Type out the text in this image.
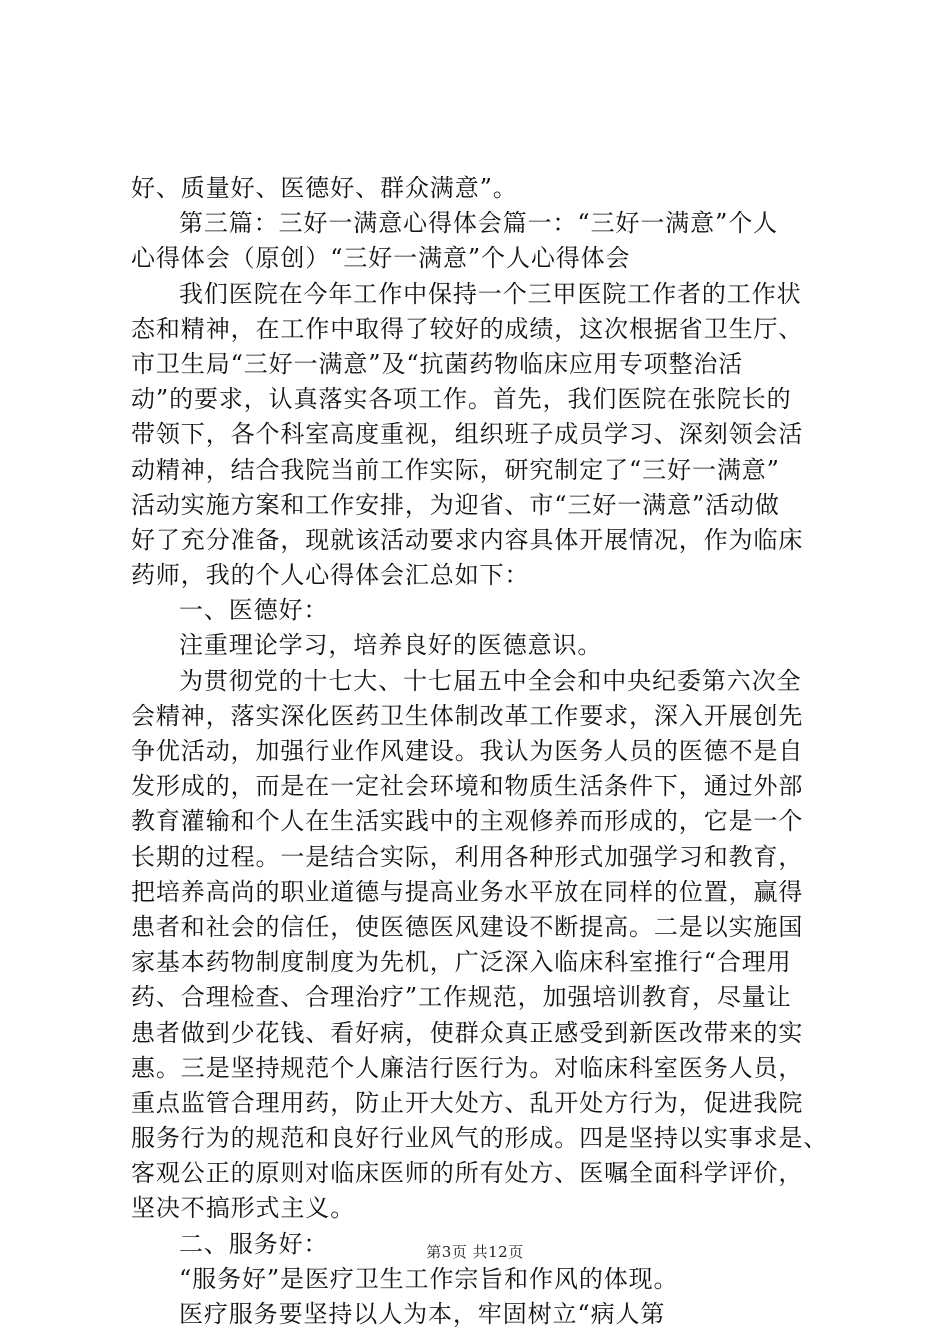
好、质量好、医德好、群众满意”。
第三篇：三好一满意心得体会篇一：“三好一满意”个人
心得体会（原创）“三好一满意”个人心得体会
我们医院在今年工作中保持一个三甲医院工作者的工作状
态和精神，在工作中取得了较好的成绩，这次根据省卫生厅、
市卫生局“三好一满意”及“抗菌药物临床应用专项整治活
动”的要求，认真落实各项工作。首先，我们医院在张院长的
带领下，各个科室高度重视，组织班子成员学习、深刻领会活
动精神，结合我院当前工作实际，研究制定了“三好一满意”
活动实施方案和工作安排，为迎省、市“三好一满意”活动做
好了充分准备，现就该活动要求内容具体开展情况，作为临床
药师，我的个人心得体会汇总如下：
一、医德好：
注重理论学习，培养良好的医德意识。
为贯彻党的十七大、十七届五中全会和中央纪委第六次全
会精神，落实深化医药卫生体制改革工作要求，深入开展创先
争优活动，加强行业作风建设。我认为医务人员的医德不是自
发形成的，而是在一定社会环境和物质生活条件下，通过外部
教育灌输和个人在生活实践中的主观修养而形成的，它是一个
长期的过程。一是结合实际，利用各种形式加强学习和教育，
把培养高尚的职业道德与提高业务水平放在同样的位置，赢得
患者和社会的信任，使医德医风建设不断提高。二是以实施国
家基本药物制度制度为先机，广泛深入临床科室推行“合理用
药、合理检查、合理治疗”工作规范，加强培训教育，尽量让
患者做到少花钱、看好病，使群众真正感受到新医改带来的实
惠。三是坚持规范个人廉洁行医行为。对临床科室医务人员，
重点监管合理用药，防止开大处方、乱开处方行为，促进我院
服务行为的规范和良好行业风气的形成。四是坚持以实事求是、
客观公正的原则对临床医师的所有处方、医嘱全面科学评价，
坚决不搞形式主义。
二、服务好：
“服务好”是医疗卫生工作宗旨和作风的体现。
医疗服务要坚持以人为本，牢固树立“病人第
第3页 共12页
